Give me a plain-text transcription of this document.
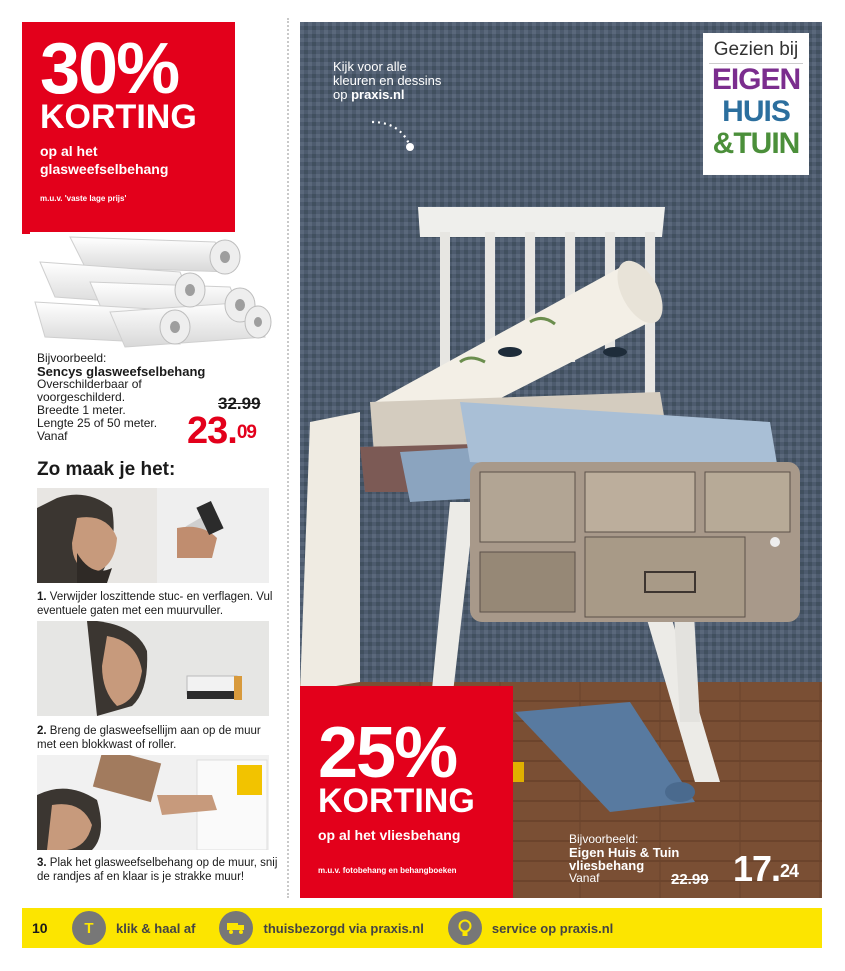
30%
KORTING
op al het glasweefselbehang
m.u.v. 'vaste lage prijs'
Bijvoorbeeld:
Sencys glasweefselbehang
Overschilderbaar of
voorgeschilderd.
Breedte 1 meter.
Lengte 25 of 50 meter.
Vanaf
32.99
23.09
Zo maak je het:
1. Verwijder loszittende stuc- en verflagen. Vul eventuele gaten met een muurvuller.
2. Breng de glasweefsellijm aan op de muur met een blokkwast of roller.
3. Plak het glasweefselbehang op de muur, snij de randjes af en klaar is je strakke muur!
Kijk voor alle
kleuren en dessins
op praxis.nl
Gezien bij
EIGEN
HUIS
&TUIN
25%
KORTING
op al het vliesbehang
m.u.v. fotobehang en behangboeken
Bijvoorbeeld:
Eigen Huis & Tuin
vliesbehang
Vanaf	22.99 17.24
10	T	klik & haal af	thuisbezorgd via praxis.nl	service op praxis.nl
